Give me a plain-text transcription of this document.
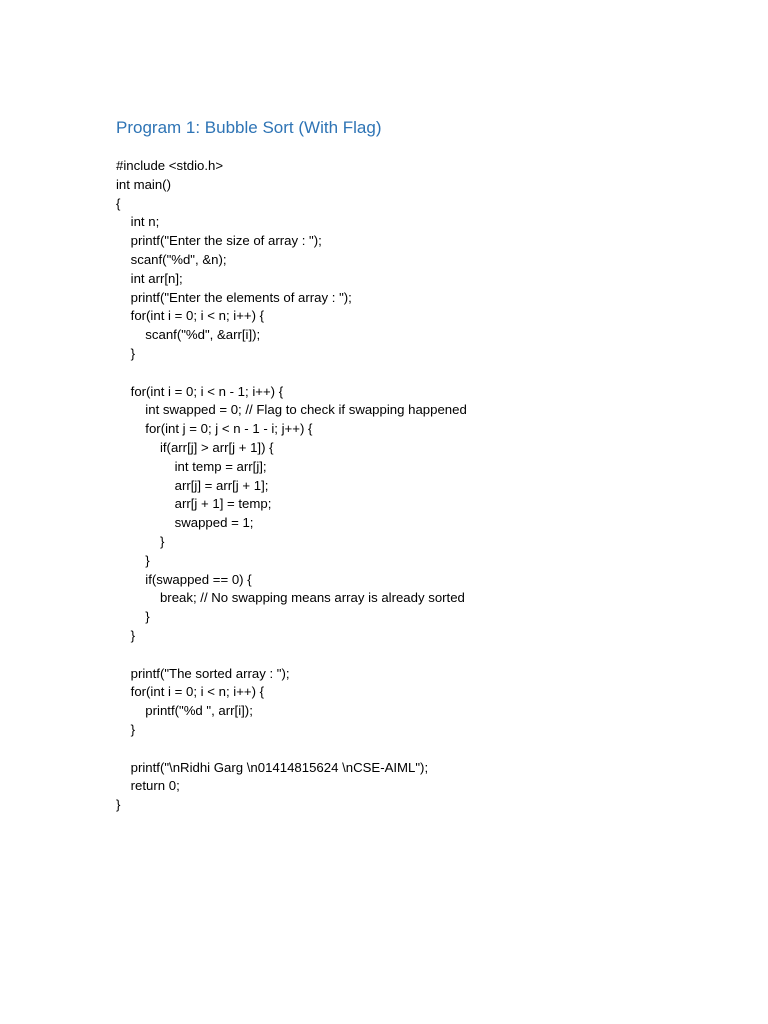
Program 1: Bubble Sort (With Flag)
#include <stdio.h>
int main()
{
int n;
printf("Enter the size of array : ");
scanf("%d", &n);
int arr[n];
printf("Enter the elements of array : ");
for(int i = 0; i < n; i++) {
scanf("%d", &arr[i]);
}

for(int i = 0; i < n - 1; i++) {
int swapped = 0; // Flag to check if swapping happened
for(int j = 0; j < n - 1 - i; j++) {
if(arr[j] > arr[j + 1]) {
int temp = arr[j];
arr[j] = arr[j + 1];
arr[j + 1] = temp;
swapped = 1;
}
}
if(swapped == 0) {
break; // No swapping means array is already sorted
}
}

printf("The sorted array : ");
for(int i = 0; i < n; i++) {
printf("%d ", arr[i]);
}

printf("\nRidhi Garg \n01414815624 \nCSE-AIML");
return 0;
}
